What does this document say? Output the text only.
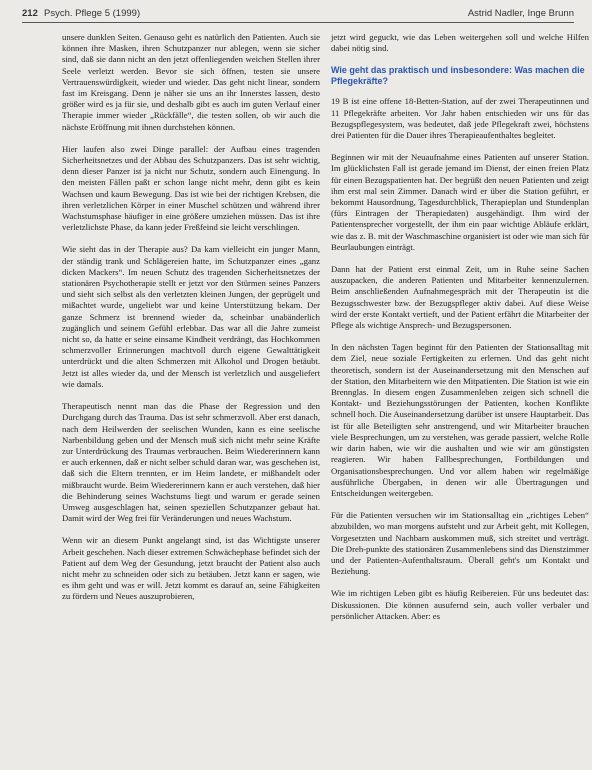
212 Psych. Pflege 5 (1999)	Astrid Nadler, Inge Brunn

unsere dunklen Seiten. Genauso geht es natürlich den Patienten. Auch sie können ihre Masken, ihren Schutzpanzer nur ablegen, wenn sie sicher sind, daß sie dann nicht an den jetzt offenliegenden weichen Stellen ihrer Seele verletzt werden. Bevor sie sich öffnen, testen sie unsere Vertrauenswürdigkeit, wieder und wieder. Das geht nicht linear, sondern fast im Kreisgang. Denn je näher sie uns an ihr Innerstes lassen, desto größer wird es ja für sie, und deshalb gibt es auch im guten Verlauf einer Therapie immer wieder „Rückfälle“, die testen sollen, ob wir auch die nächste Eröffnung mit ihnen durchstehen können.

Hier laufen also zwei Dinge parallel: der Aufbau eines tragenden Sicherheitsnetzes und der Abbau des Schutzpanzers. Das ist sehr wichtig, denn dieser Panzer ist ja nicht nur Schutz, sondern auch Einengung. In den meisten Fällen paßt er schon lange nicht mehr, denn gibt es kein Wachsen und kaum Bewegung. Das ist wie bei der richtigen Krebsen, die ihren verletzlichen Körper in einer Muschel schützen und während ihrer Wachstumsphase häufiger in eine größere umziehen müssen. Das ist ihre verletzlichste Phase, da kann jeder Freßfeind sie leicht verschlingen.

Wie sieht das in der Therapie aus? Da kam vielleicht ein junger Mann, der ständig trank und Schlägereien hatte, im Schutzpanzer eines „ganz dicken Mackers“. Im neuen Schutz des tragenden Sicherheitsnetzes der stationären Psychotherapie stellt er jetzt vor den Stürmen seines Panzers und sieht sich selbst als den verletzten kleinen Jungen, der geprügelt und mißachtet wurde, ungeliebt war und keine Unterstützung bekam. Der ganze Schmerz ist brennend wieder da, scheinbar unabänderlich zugänglich und seinem Gefühl erlebbar. Das war all die Jahre zumeist nicht so, da hatte er seine einsame Kindheit verdrängt, das Hochkommen schmerzvoller Erinnerungen machtvoll durch eigene Gewalttätigkeit unterdrückt und die alten Schmerzen mit Alkohol und Drogen betäubt. Jetzt ist alles wieder da, und der Mensch ist verletzlich und ausgeliefert wie damals.

Therapeutisch nennt man das die Phase der Regression und den Durchgang durch das Trauma. Das ist sehr schmerzvoll. Aber erst danach, nach dem Heilwerden der seelischen Wunden, kann es eine seelische Narbenbildung geben und der Mensch muß sich nicht mehr seine Kräfte zur Unterdrückung des Traumas verbrauchen. Beim Wiedererinnern kann er auch erkennen, daß er nicht selber schuld daran war, was geschehen ist, daß sich die Eltern trennten, er im Heim landete, er mißhandelt oder mißbraucht wurde. Beim Wiedererinnern kann er auch verstehen, daß hier die Behinderung seines Wachstums liegt und warum er gerade seinen Umweg ausgeschlagen hat, seinen speziellen Schutzpanzer gebaut hat. Damit wird der Weg frei für Veränderungen und neues Wachstum.

Wenn wir an diesem Punkt angelangt sind, ist das Wichtigste unserer Arbeit geschehen. Nach dieser extremen Schwächephase befindet sich der Patient auf dem Weg der Gesundung, jetzt braucht der Patient also auch nicht mehr zu schneiden oder sich zu betäuben. Jetzt kann er sagen, wie es ihm geht und was er will. Jetzt kommt es darauf an, seine Fähigkeiten zu fördern und Neues auszuprobieren,

jetzt wird geguckt, wie das Leben weitergehen soll und welche Hilfen dabei nötig sind.

Wie geht das praktisch und insbesondere: Was machen die Pflegekräfte?

19 B ist eine offene 18-Betten-Station, auf der zwei Therapeutinnen und 11 Pflegekräfte arbeiten. Vor Jahr haben entschieden wir uns für das Bezugspflegesystem, was bedeutet, daß jede Pflegekraft zwei, höchstens drei Patienten für die Dauer ihres Therapieaufenthaltes begleitet.

Beginnen wir mit der Neuaufnahme eines Patienten auf unserer Station. Im glücklichsten Fall ist gerade jemand im Dienst, der einen freien Platz für einen Bezugspatienten hat. Der begrüßt den neuen Patienten und zeigt ihm erst mal sein Zimmer. Danach wird er über die Station geführt, er bekommt Hausordnung, Tagesdurchblick, Therapieplan und Stundenplan (fürs Eintragen der Therapiedaten) ausgehändigt. Ihm wird der Patientensprecher vorgestellt, der ihm ein paar wichtige Abläufe erklärt, wie das z. B. mit der Waschmaschine organisiert ist oder wie man sich für Beurlaubungen einträgt.

Dann hat der Patient erst einmal Zeit, um in Ruhe seine Sachen auszupacken, die anderen Patienten und Mitarbeiter kennenzulernen. Beim anschließenden Aufnahmegespräch mit der Therapeutin ist die Bezugsschwester bzw. der Bezugspfleger aktiv dabei. Auf diese Weise wird der erste Kontakt vertieft, und der Patient erfährt die Mitarbeiter der Pflege als wichtige Ansprech- und Bezugspersonen.

In den nächsten Tagen beginnt für den Patienten der Stationsalltag mit dem Ziel, neue soziale Fertigkeiten zu erlernen. Und das geht nicht theoretisch, sondern ist der Auseinandersetzung mit den Menschen auf der Station, den Mitarbeitern wie den Mitpatienten. Die Station ist wie ein Brennglas. In diesem engen Zusammenleben zeigen sich schnell die Kontakt- und Beziehungsstörungen der Patienten, kochen Konflikte schnell hoch. Die Auseinandersetzung darüber ist unsere Hauptarbeit. Das ist für alle Beteiligten sehr anstrengend, und wir Mitarbeiter brauchen viele Besprechungen, um zu verstehen, was gerade passiert, welche Rolle wir darin haben, wie wir die aushalten und wie wir am günstigsten reagieren. Wir haben Fallbesprechungen, Fortbildungen und Organisationsbesprechungen. Und vor allem haben wir regelmäßige ausführliche Übergaben, in denen wir alle Übertragungen und Entscheidungen weitergeben.

Für die Patienten versuchen wir im Stationsalltag ein „richtiges Leben“ abzubilden, wo man morgens aufsteht und zur Arbeit geht, mit Kollegen, Vorgesetzten und Nachbarn auskommen muß, sich streitet und verträgt. Die Dreh-punkte des stationären Zusammenlebens sind das Dienstzimmer und der Patienten-Aufenthaltsraum. Überall geht's um Kontakt und Beziehung.

Wie im richtigen Leben gibt es häufig Reibereien. Für uns bedeutet das: Diskussionen. Die können ausufernd sein, auch voller verbaler und persönlicher Attacken. Aber: es
